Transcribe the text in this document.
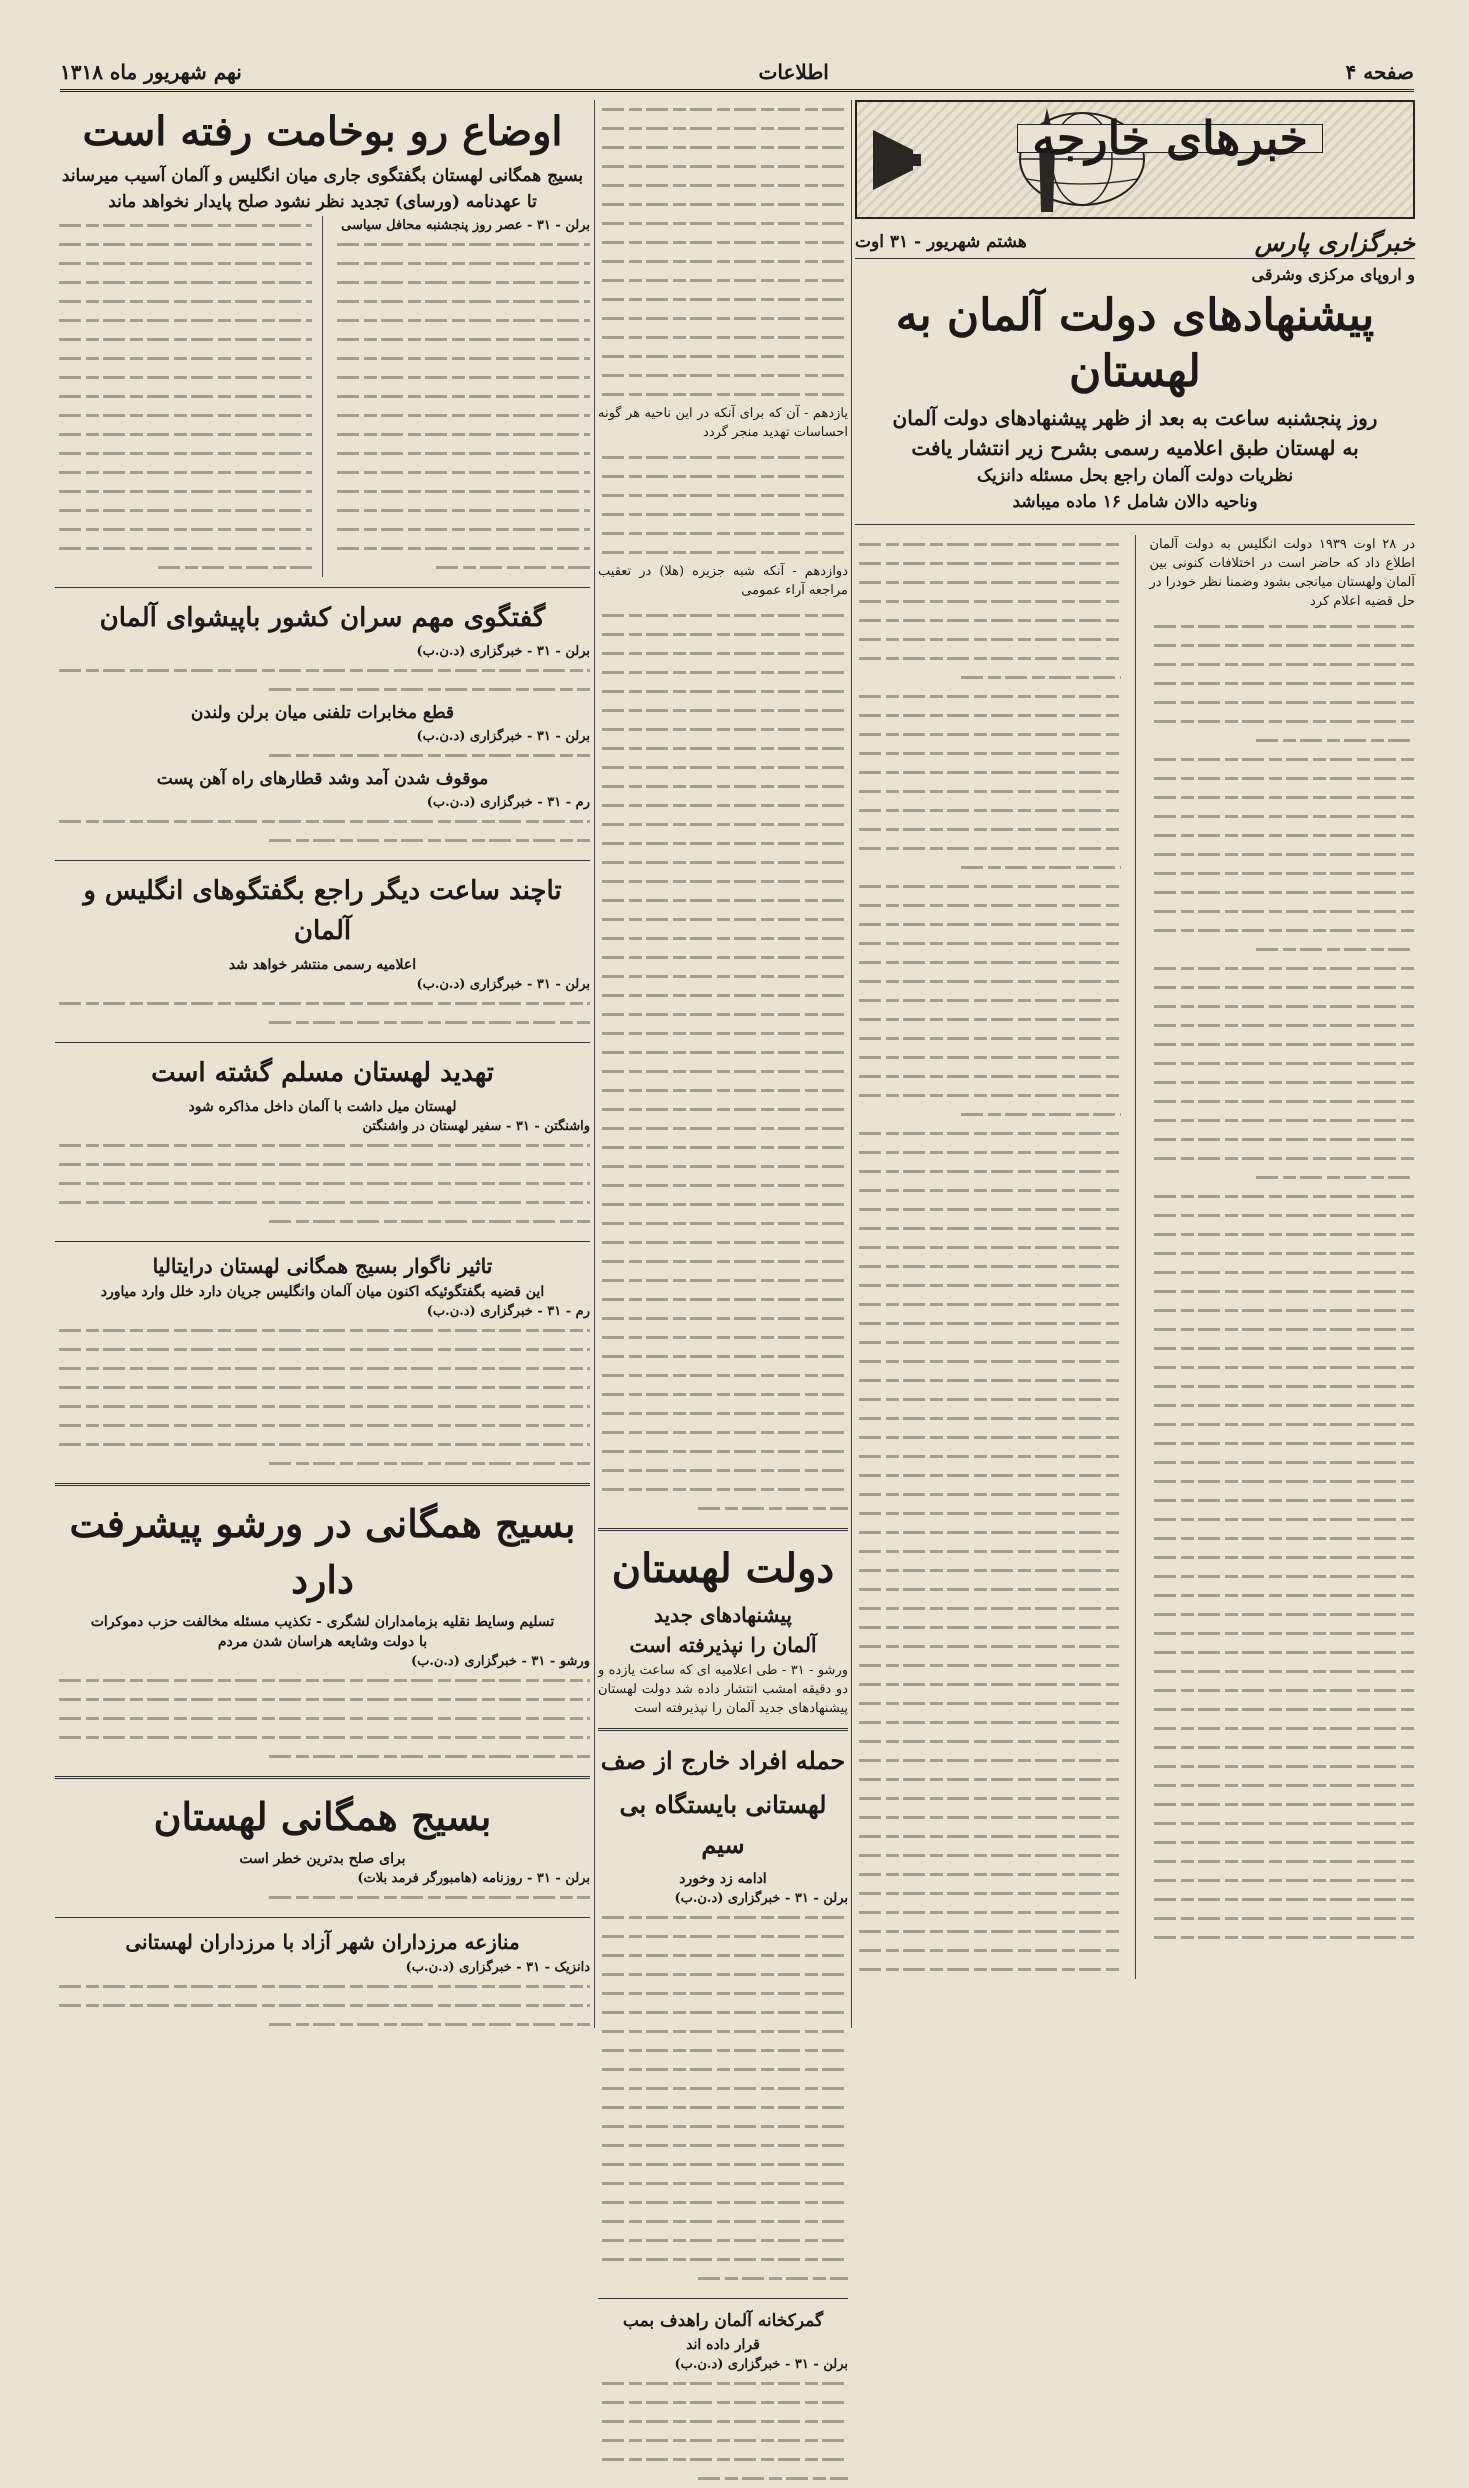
صفحه ۴
اطلاعات
نهم شهریور ماه ۱۳۱۸
خبرهای خارجه
خبرگزاری پارس
هشتم شهریور - ۳۱ اوت
و اروپای مرکزی وشرقی
پیشنهادهای دولت آلمان به لهستان
روز پنجشنبه ساعت به بعد از ظهر پیشنهادهای دولت آلمان
به لهستان طبق اعلامیه رسمی بشرح زیر انتشار یافت
نظریات دولت آلمان راجع بحل مسئله دانزیک
وناحیه دالان شامل ۱۶ ماده میباشد

در ۲۸ اوت ۱۹۳۹ دولت انگلیس به دولت آلمان اطلاع داد که حاضر است در اختلافات کنونی بین آلمان ولهستان میانجی بشود وضمنا نظر خودرا در حل قضیه اعلام کرد

یازدهم - آن که برای آنکه در این ناحیه هر گونه احساسات تهدید منجر گردد

دوازدهم - آنکه شبه جزیره (هلا) در تعقیب مراجعه آراء عمومی

دولت لهستان
پیشنهادهای جدید
آلمان را نپذیرفته است

ورشو - ۳۱ - طی اعلامیه ای که ساعت یازده و دو دقیقه امشب انتشار داده شد دولت لهستان پیشنهادهای جدید آلمان را نپذیرفته است

حمله افراد خارج از صف
لهستانی بایستگاه بی سیم
ادامه زد وخورد
برلن - ۳۱ - خبرگزاری (د.ن.ب)
گمرکخانه آلمان راهدف بمب
قرار داده اند
برلن - ۳۱ - خبرگزاری (د.ن.ب)
اوضاع رو بوخامت رفته است
بسیج همگانی لهستان بگفتگوی جاری میان انگلیس و آلمان آسیب میرساند
تا عهدنامه (ورسای) تجدید نظر نشود صلح پایدار نخواهد ماند
برلن - ۳۱ - عصر روز پنجشنبه محافل سیاسی
گفتگوی مهم سران کشور باپیشوای آلمان
برلن - ۳۱ - خبرگزاری (د.ن.ب)
قطع مخابرات تلفنی میان برلن ولندن
برلن - ۳۱ - خبرگزاری (د.ن.ب)
موقوف شدن آمد وشد قطارهای راه آهن پست
رم - ۳۱ - خبرگزاری (د.ن.ب)
تاچند ساعت دیگر راجع بگفتگوهای انگلیس و آلمان
اعلامیه رسمی منتشر خواهد شد
برلن - ۳۱ - خبرگزاری (د.ن.ب)
تهدید لهستان مسلم گشته است
لهستان میل داشت با آلمان داخل مذاکره شود
واشنگتن - ۳۱ - سفیر لهستان در واشنگتن
تاثیر ناگوار بسیج همگانی لهستان درایتالیا
این قضیه بگفتگوئیکه اکنون میان آلمان وانگلیس جریان دارد خلل وارد میاورد
رم - ۳۱ - خبرگزاری (د.ن.ب)
بسیج همگانی در ورشو پیشرفت دارد
تسلیم وسایط نقلیه بزمامداران لشگری - تکذیب مسئله مخالفت حزب دموکرات
با دولت وشایعه هراسان شدن مردم
ورشو - ۳۱ - خبرگزاری (د.ن.ب)
بسیج همگانی لهستان
برای صلح بدترین خطر است
برلن - ۳۱ - روزنامه (هامبورگر فرمد بلات)
منازعه مرزداران شهر آزاد با مرزداران لهستانی
دانزیک - ۳۱ - خبرگزاری (د.ن.ب)
